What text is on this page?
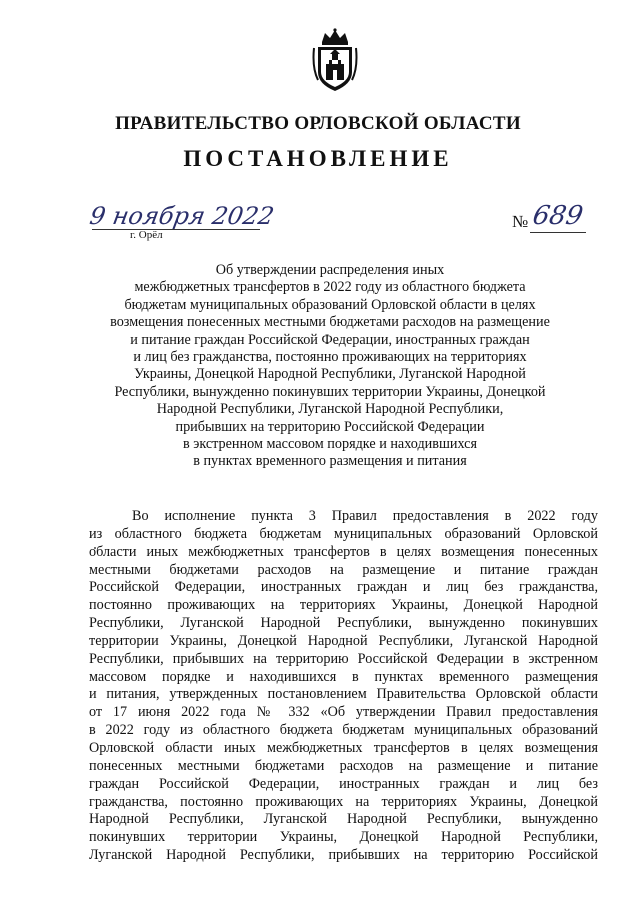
ПРАВИТЕЛЬСТВО ОРЛОВСКОЙ ОБЛАСТИ
ПОСТАНОВЛЕНИЕ
9 ноября 2022
г. Орёл
№ 689
Об утверждении распределения иных
межбюджетных трансфертов в 2022 году из областного бюджета
бюджетам муниципальных образований Орловской области в целях
возмещения понесенных местными бюджетами расходов на размещение
и питание граждан Российской Федерации, иностранных граждан
и лиц без гражданства, постоянно проживающих на территориях
Украины, Донецкой Народной Республики, Луганской Народной
Республики, вынужденно покинувших территории Украины, Донецкой
Народной Республики, Луганской Народной Республики,
прибывших на территорию Российской Федерации
в экстренном массовом порядке и находившихся
в пунктах временного размещения и питания
Во исполнение пункта 3 Правил предоставления в 2022 году
из областного бюджета бюджетам муниципальных образований Орловской
области иных межбюджетных трансфертов в целях возмещения понесенных
местными бюджетами расходов на размещение и питание граждан
Российской Федерации, иностранных граждан и лиц без гражданства,
постоянно проживающих на территориях Украины, Донецкой Народной
Республики, Луганской Народной Республики, вынужденно покинувших
территории Украины, Донецкой Народной Республики, Луганской Народной
Республики, прибывших на территорию Российской Федерации в экстренном
массовом порядке и находившихся в пунктах временного размещения
и питания, утвержденных постановлением Правительства Орловской области
от 17 июня 2022 года № 332 «Об утверждении Правил предоставления
в 2022 году из областного бюджета бюджетам муниципальных образований
Орловской области иных межбюджетных трансфертов в целях возмещения
понесенных местными бюджетами расходов на размещение и питание
граждан Российской Федерации, иностранных граждан и лиц без
гражданства, постоянно проживающих на территориях Украины, Донецкой
Народной Республики, Луганской Народной Республики, вынужденно
покинувших территории Украины, Донецкой Народной Республики,
Луганской Народной Республики, прибывших на территорию Российской
